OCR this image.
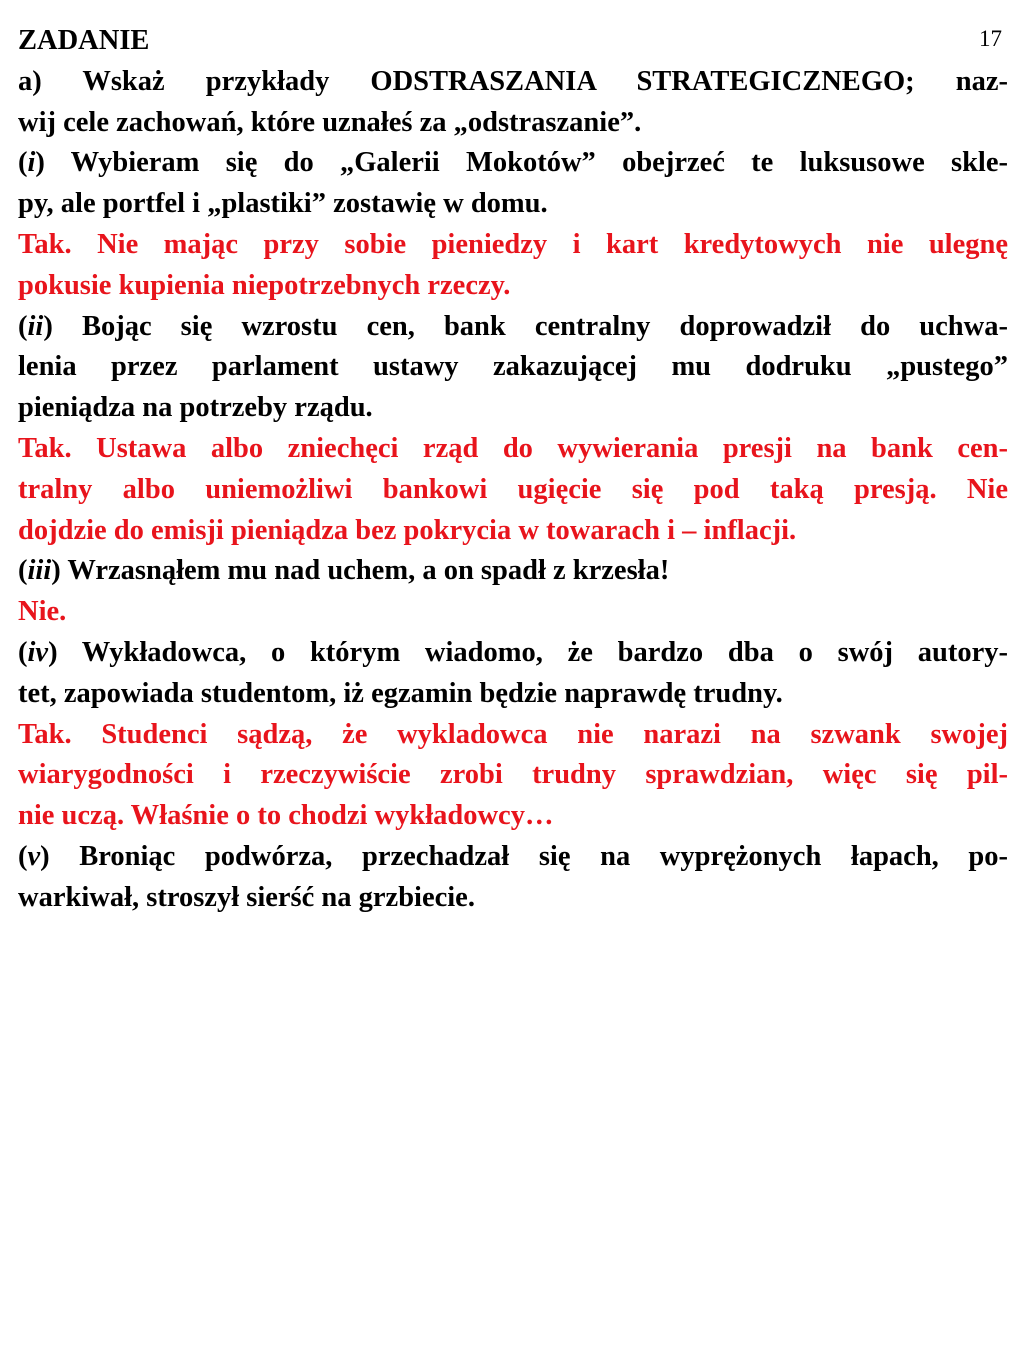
17
ZADANIE
a) Wskaż przykłady ODSTRASZANIA STRATEGICZNEGO; naz-
wij cele zachowań, które uznałeś za „odstraszanie”.
(i) Wybieram się do „Galerii Mokotów” obejrzeć te luksusowe skle-
py, ale portfel i „plastiki” zostawię w domu.
Tak. Nie mając przy sobie pieniedzy i kart kredytowych nie ulegnę
pokusie kupienia niepotrzebnych rzeczy.
(ii) Bojąc się wzrostu cen, bank centralny doprowadził do uchwa-
lenia przez parlament ustawy zakazującej mu dodruku „pustego”
pieniądza na potrzeby rządu.
Tak. Ustawa albo zniechęci rząd do wywierania presji na bank cen-
tralny albo uniemożliwi bankowi ugięcie się pod taką presją. Nie
dojdzie do emisji pieniądza bez pokrycia w towarach i – inflacji.
(iii) Wrzasnąłem mu nad uchem, a on spadł z krzesła!
Nie.
(iv) Wykładowca, o którym wiadomo, że bardzo dba o swój autory-
tet, zapowiada studentom, iż egzamin będzie naprawdę trudny.
Tak. Studenci sądzą, że wykladowca nie narazi na szwank swojej
wiarygodności i rzeczywiście zrobi trudny sprawdzian, więc się pil-
nie uczą. Właśnie o to chodzi wykładowcy…
(v) Broniąc podwórza, przechadzał się na wyprężonych łapach, po-
warkiwał, stroszył sierść na grzbiecie.
